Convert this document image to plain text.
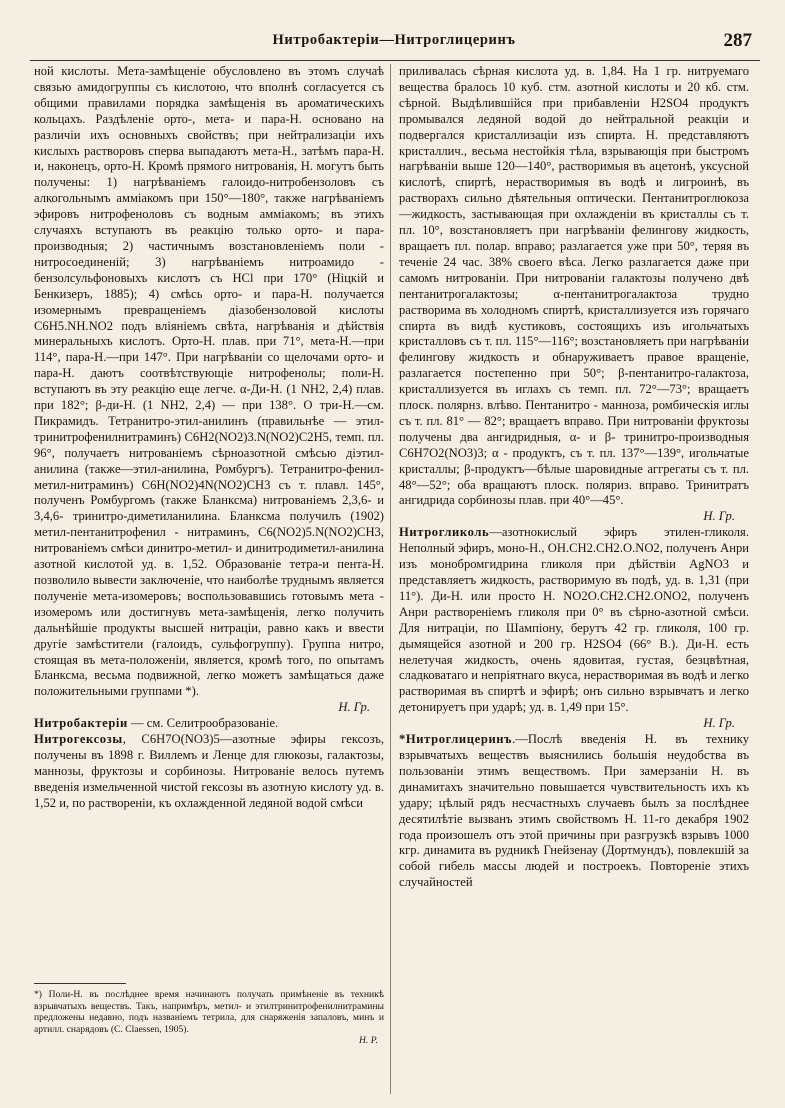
Нитробактеріи—Нитроглицеринъ	287

ной кислоты. Мета-замѣщеніе обусловлено въ этомъ случаѣ связью амидогруппы съ кислотою, что вполнѣ согласуется съ общими правилами порядка замѣщенія въ ароматическихъ кольцахъ. Раздѣленіе орто-, мета- и пара-Н. основано на различіи ихъ основныхъ свойствъ; при нейтрализаціи ихъ кислыхъ растворовъ сперва выпадаютъ мета-Н., затѣмъ пара-Н. и, наконецъ, орто-Н. Кромѣ прямого нитрованія, Н. могутъ быть получены: 1) нагрѣваніемъ галоидо-нитробензоловъ съ алкогольнымъ амміакомъ при 150°—180°, также нагрѣваніемъ эфировъ нитрофеноловъ съ водным амміакомъ; въ этихъ случаяхъ вступаютъ въ реакцію только орто- и пара-производныя; 2) частичнымъ возстановленіемъ поли - нитросоединеній; 3) нагрѣваніемъ нитроамидо - бензолсульфоновыхъ кислотъ съ HCl при 170° (Нiцкiй и Бенкизеръ, 1885); 4) смѣсь орто- и пара-Н. получается изомернымъ превращеніемъ діазобензоловой кислоты C6H5.NH.NO2 подъ вліяніемъ свѣта, нагрѣванія и дѣйствія минеральныхъ кислотъ. Орто-Н. плав. при 71°, мета-Н.—при 114°, пара-Н.—при 147°. При нагрѣваніи со щелочами орто- и пара-Н. даютъ соотвѣтствующіе нитрофенолы; поли-Н. вступаютъ въ эту реакцію еще легче. α-Ди-Н. (1 NH2, 2,4) плав. при 182°; β-ди-Н. (1 NH2, 2,4) — при 138°. О три-Н.—см. Пикрамидъ. Тетранитро-этил-анилинъ (правильнѣе — этил-тринитрофенилнитраминъ) C6H2(NO2)3.N(NO2)C2H5, темп. пл. 96°, получаетъ нитрованіемъ сѣрноазотной смѣсью діэтил-анилина (также—этил-анилина, Ромбургъ). Тетранитро-фенил-метил-нитраминъ) C6H(NO2)4N(NO2)CH3 съ т. плавл. 145°, полученъ Ромбургомъ (также Бланксма) нитрованіемъ 2,3,6- и 3,4,6- тринитро-диметиланилина. Бланксма получилъ (1902) метил-пентанитрофенил - нитраминъ, C6(NO2)5.N(NO2)CH3, нитрованіемъ смѣси динитро-метил- и динитродиметил-анилина азотной кислотой уд. в. 1,52. Образованіе тетра-и пента-Н. позволило вывести заключеніе, что наиболѣе труднымъ является полученіе мета-изомеровъ; воспользовавшись готовымъ мета - изомеромъ или достигнувъ мета-замѣщенія, легко получить дальнѣйшіе продукты высшей нитраціи, равно какъ и ввести другіе замѣстители (галоидъ, сульфогруппу). Группа нитро, стоящая въ мета-положеніи, является, кромѣ того, по опытамъ Бланксма, весьма подвижной, легко можетъ замѣщаться даже положительными группами *).

Н. Гр.

Нитробактеріи — см. Селитрообразованіе.

Нитрогексозы, C6H7O(NO3)5—азотные эфиры гексозъ, получены въ 1898 г. Виллемъ и Ленце для глюкозы, галактозы, маннозы, фруктозы и сорбинозы. Нитрованіе велось путемъ введенія измельченной чистой гексозы въ азотную кислоту уд. в. 1,52 и, по раствореніи, къ охлажденной ледяной водой смѣси

*) Поли-Н. въ послѣднее время начинаютъ получать примѣненіе въ техникѣ взрывчатыхъ веществъ. Такъ, напримѣръ, метил- и этилтринитрофенилнитрамины предложены недавно, подъ названіемъ тетрила, для снаряженія запаловъ, минъ и артилл. снарядовъ (С. Claessen, 1905).
Н. Р.

приливалась сѣрная кислота уд. в. 1,84. На 1 гр. нитруемаго вещества бралось 10 куб. стм. азотной кислоты и 20 кб. стм. сѣрной. Выдѣлившійся при прибавленіи H2SO4 продуктъ промывался ледяной водой до нейтральной реакціи и подвергался кристаллизаціи изъ спирта. Н. представляютъ кристаллич., весьма нестойкія тѣла, взрывающія при быстромъ нагрѣваніи выше 120—140°, растворимыя въ ацетонѣ, уксусной кислотѣ, спиртѣ, нерастворимыя въ водѣ и лигроинѣ, въ растворахъ сильно дѣятельныя оптически. Пентанитроглюкоза—жидкость, застывающая при охлажденіи въ кристаллы съ т. пл. 10°, возстановляетъ при нагрѣваніи фелингову жидкость, вращаетъ пл. полар. вправо; разлагается уже при 50°, теряя въ теченіе 24 час. 38% своего вѣса. Легко разлагается даже при самомъ нитрованіи. При нитрованіи галактозы получено двѣ пентанитрогалактозы; α-пентанитрогалактоза трудно растворима въ холодномъ спиртѣ, кристаллизуется изъ горячаго спирта въ видѣ кустиковъ, состоящихъ изъ игольчатыхъ кристалловъ съ т. пл. 115°—116°; возстановляетъ при нагрѣваніи фелингову жидкость и обнаруживаетъ правое вращеніе, разлагается постепенно при 50°; β-пентанитро-галактоза, кристаллизуется въ иглахъ съ темп. пл. 72°—73°; вращаетъ плоск. полярнз. влѣво. Пентанитро - манноза, ромбическія иглы съ т. пл. 81° — 82°; вращаетъ вправо. При нитрованіи фруктозы получены два ангидридныя, α- и β- тринитро-производныя C6H7O2(NO3)3; α - продуктъ, съ т. пл. 137°—139°, игольчатые кристаллы; β-продуктъ—бѣлые шаровидные аггрегаты съ т. пл. 48°—52°; оба вращаютъ плоск. поляриз. вправо. Тринитратъ ангидрида сорбинозы плав. при 40°—45°.

Н. Гр.

Нитрогликоль—азотнокислый эфиръ этилен-гликоля. Неполный эфиръ, моно-Н., OH.CH2.CH2.O.NO2, полученъ Анри изъ монобромгидрина гликоля при дѣйствіи AgNO3 и представляетъ жидкость, растворимую въ подѣ, уд. в. 1,31 (при 11°). Ди-Н. или просто Н. NO2O.CH2.CH2.ONO2, полученъ Анри растворeніемъ гликоля при 0° въ сѣрно-азотной смѣси. Для нитраціи, по Шампіону, берутъ 42 гр. гликоля, 100 гр. дымящейся азотной и 200 гр. H2SO4 (66° В.). Ди-Н. есть нелетучая жидкость, очень ядовитая, густая, безцвѣтная, сладковатаго и непріятнаго вкуса, нерастворимая въ водѣ и легко растворимая въ спиртѣ и эфирѣ; онъ сильно взрывчатъ и легко детонируетъ при ударѣ; уд. в. 1,49 при 15°.

Н. Гр.

*Нитроглицеринъ.—Послѣ введенія Н. въ технику взрывчатыхъ веществъ выяснились большія неудобства въ пользованіи этимъ веществомъ. При замерзаніи Н. въ динамитахъ значительно повышается чувствительность ихъ къ удару; цѣлый рядъ несчастныхъ случаевъ былъ за послѣднее десятилѣтіе вызванъ этимъ свойствомъ Н. 11-го декабря 1902 года произошелъ отъ этой причины при разгрузкѣ взрывъ 1000 кгр. динамита въ рудникѣ Гнейзенау (Дортмундъ), повлекшій за собой гибель массы людей и построекъ. Повтореніе этихъ случайностей
